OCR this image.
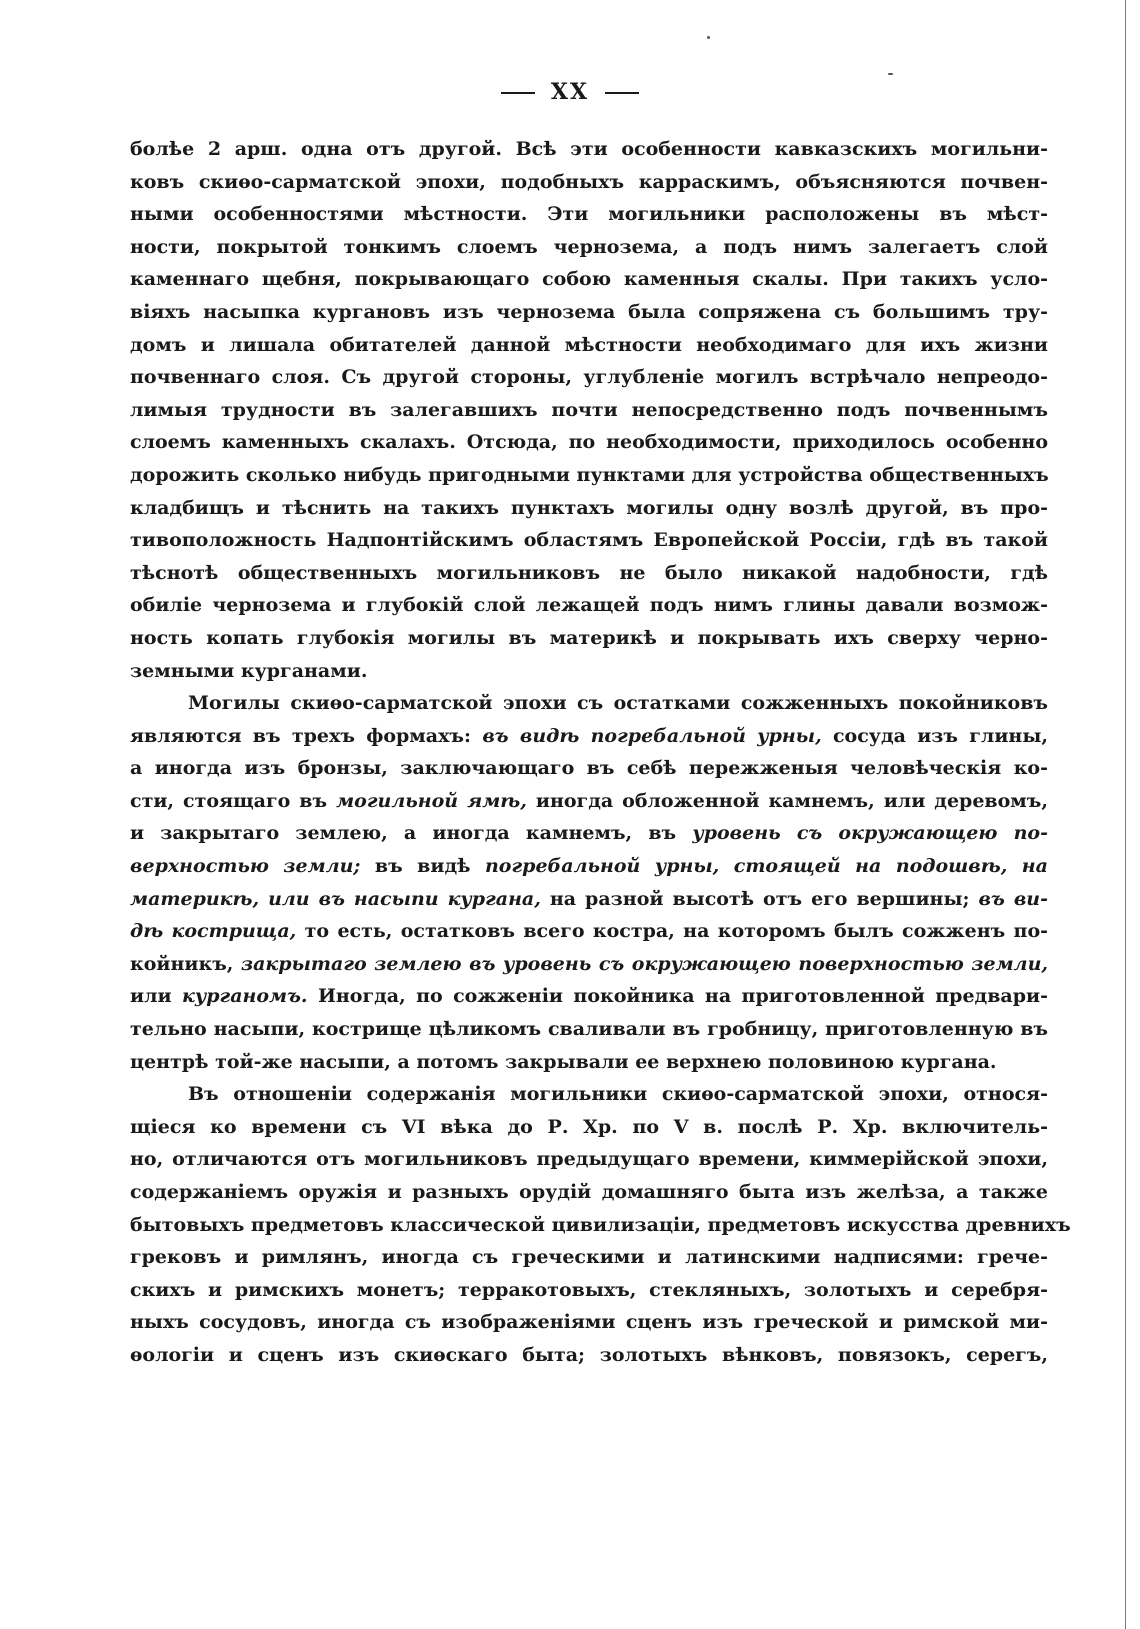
XX
болѣе 2 арш. одна отъ другой. Всѣ эти особенности кавказскихъ могильни-
ковъ скиѳо-сарматской эпохи, подобныхъ карраскимъ, объясняются почвен-
ными особенностями мѣстности. Эти могильники расположены въ мѣст-
ности, покрытой тонкимъ слоемъ чернозема, а подъ нимъ залегаетъ слой
каменнаго щебня, покрывающаго собою каменныя скалы. При такихъ усло-
віяхъ насыпка кургановъ изъ чернозема была сопряжена съ большимъ тру-
домъ и лишала обитателей данной мѣстности необходимаго для ихъ жизни
почвеннаго слоя. Съ другой стороны, углубленіе могилъ встрѣчало непреодо-
лимыя трудности въ залегавшихъ почти непосредственно подъ почвеннымъ
слоемъ каменныхъ скалахъ. Отсюда, по необходимости, приходилось особенно
дорожить сколько нибудь пригодными пунктами для устройства общественныхъ
кладбищъ и тѣснить на такихъ пунктахъ могилы одну возлѣ другой, въ про-
тивоположность Надпонтійскимъ областямъ Европейской Россіи, гдѣ въ такой
тѣснотѣ общественныхъ могильниковъ не было никакой надобности, гдѣ
обиліе чернозема и глубокій слой лежащей подъ нимъ глины давали возмож-
ность копать глубокія могилы въ материкѣ и покрывать ихъ сверху черно-
земными курганами.
Могилы скиѳо-сарматской эпохи съ остатками сожженныхъ покойниковъ
являются въ трехъ формахъ: въ видѣ погребальной урны, сосуда изъ глины,
а иногда изъ бронзы, заключающаго въ себѣ пережженыя человѣческія ко-
сти, стоящаго въ могильной ямѣ, иногда обложенной камнемъ, или деревомъ,
и закрытаго землею, а иногда камнемъ, въ уровень съ окружающею по-
верхностью земли; въ видѣ погребальной урны, стоящей на подошвѣ, на
материкѣ, или въ насыпи кургана, на разной высотѣ отъ его вершины; въ ви-
дѣ кострища, то есть, остатковъ всего костра, на которомъ былъ сожженъ по-
койникъ, закрытаго землею въ уровень съ окружающею поверхностью земли,
или курганомъ. Иногда, по сожженіи покойника на приготовленной предвари-
тельно насыпи, кострище цѣликомъ сваливали въ гробницу, приготовленную въ
центрѣ той-же насыпи, а потомъ закрывали ее верхнею половиною кургана.
Въ отношеніи содержанія могильники скиѳо-сарматской эпохи, относя-
щіеся ко времени съ VI вѣка до Р. Хр. по V в. послѣ Р. Хр. включитель-
но, отличаются отъ могильниковъ предыдущаго времени, киммерійской эпохи,
содержаніемъ оружія и разныхъ орудій домашняго быта изъ желѣза, а также
бытовыхъ предметовъ классической цивилизаціи, предметовъ искусства древнихъ
грековъ и римлянъ, иногда съ греческими и латинскими надписями: грече-
скихъ и римскихъ монетъ; терракотовыхъ, стекляныхъ, золотыхъ и серебря-
ныхъ сосудовъ, иногда съ изображеніями сценъ изъ греческой и римской ми-
ѳологіи и сценъ изъ скиѳскаго быта; золотыхъ вѣнковъ, повязокъ, серегъ,
